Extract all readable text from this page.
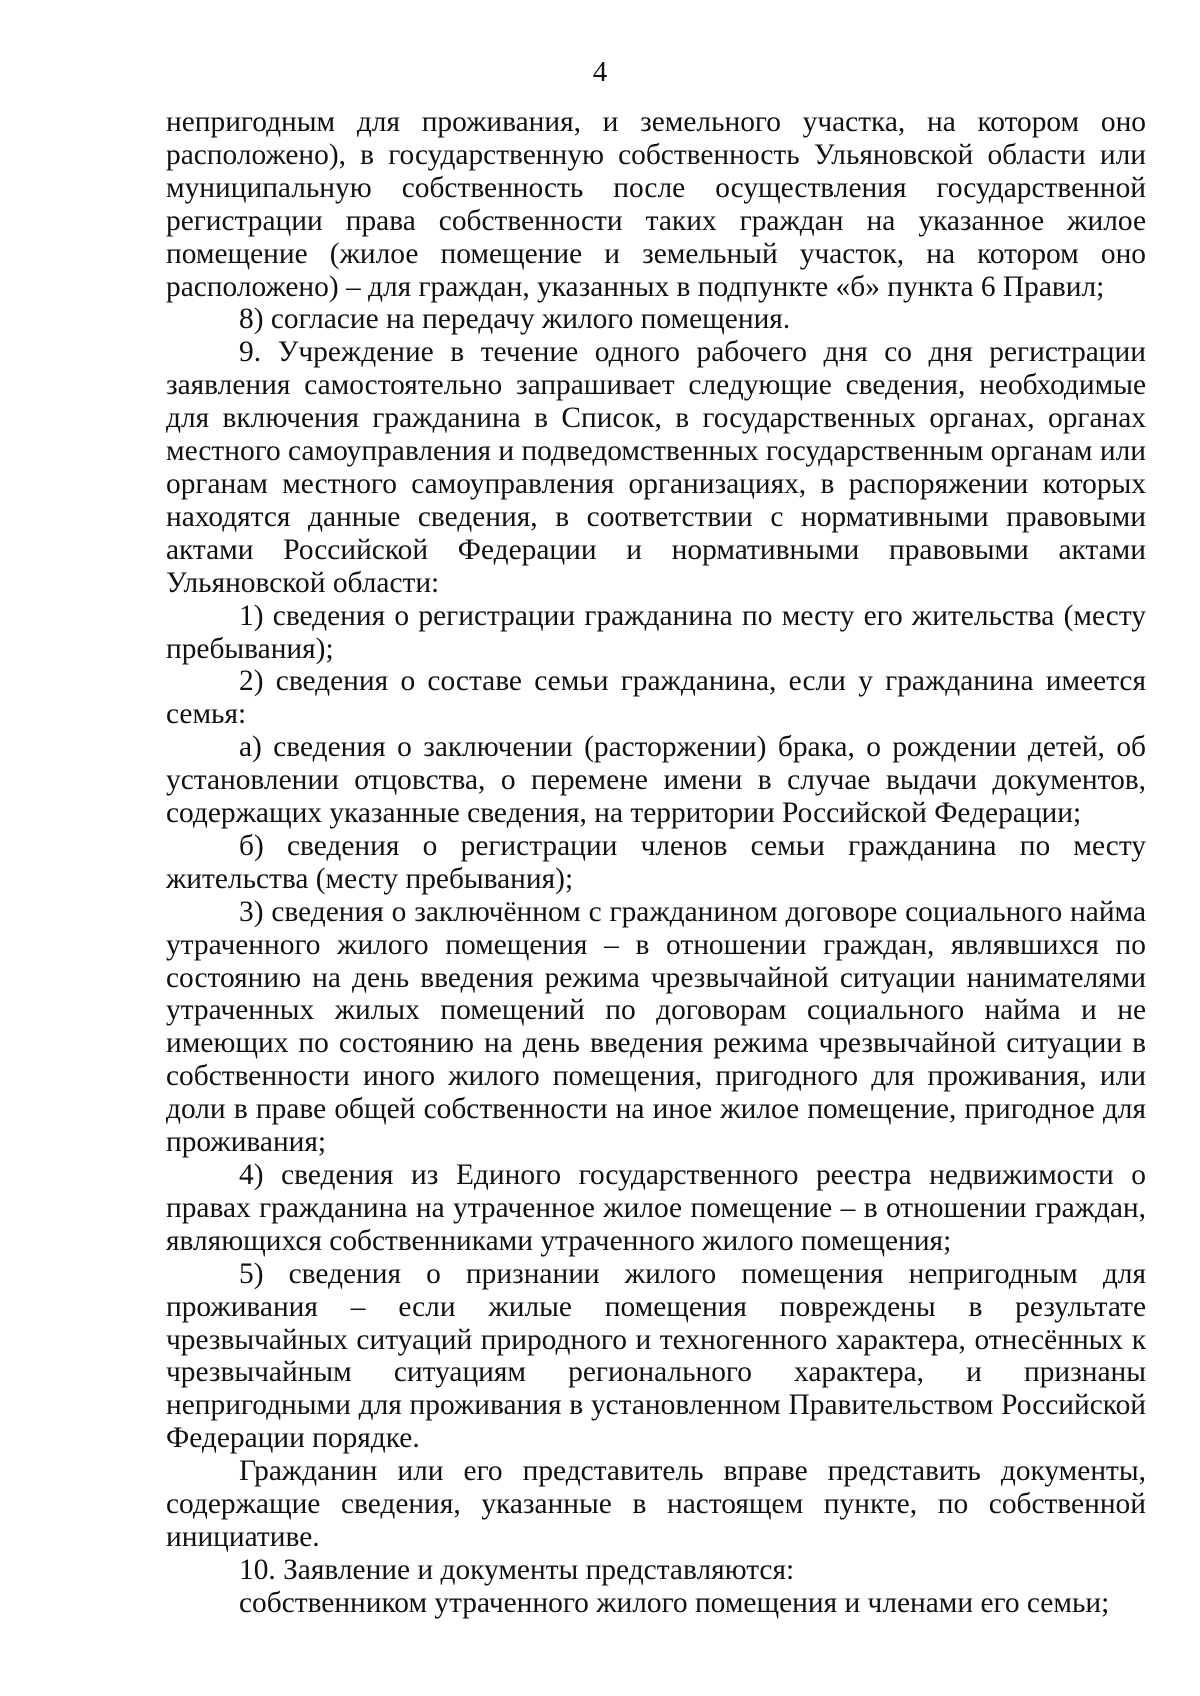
4

непригодным для проживания, и земельного участка, на котором оно расположено), в государственную собственность Ульяновской области или муниципальную собственность после осуществления государственной регистрации права собственности таких граждан на указанное жилое помещение (жилое помещение и земельный участок, на котором оно расположено) – для граждан, указанных в подпункте «б» пункта 6 Правил;

8) согласие на передачу жилого помещения.

9. Учреждение в течение одного рабочего дня со дня регистрации заявления самостоятельно запрашивает следующие сведения, необходимые для включения гражданина в Список, в государственных органах, органах местного самоуправления и подведомственных государственным органам или органам местного самоуправления организациях, в распоряжении которых находятся данные сведения, в соответствии с нормативными правовыми актами Российской Федерации и нормативными правовыми актами Ульяновской области:

1) сведения о регистрации гражданина по месту его жительства (месту пребывания);

2) сведения о составе семьи гражданина, если у гражданина имеется семья:

а) сведения о заключении (расторжении) брака, о рождении детей, об установлении отцовства, о перемене имени в случае выдачи документов, содержащих указанные сведения, на территории Российской Федерации;

б) сведения о регистрации членов семьи гражданина по месту жительства (месту пребывания);

3) сведения о заключённом с гражданином договоре социального найма утраченного жилого помещения – в отношении граждан, являвшихся по состоянию на день введения режима чрезвычайной ситуации нанимателями утраченных жилых помещений по договорам социального найма и не имеющих по состоянию на день введения режима чрезвычайной ситуации в собственности иного жилого помещения, пригодного для проживания, или доли в праве общей собственности на иное жилое помещение, пригодное для проживания;

4) сведения из Единого государственного реестра недвижимости о правах гражданина на утраченное жилое помещение – в отношении граждан, являющихся собственниками утраченного жилого помещения;

5) сведения о признании жилого помещения непригодным для проживания – если жилые помещения повреждены в результате чрезвычайных ситуаций природного и техногенного характера, отнесённых к чрезвычайным ситуациям регионального характера, и признаны непригодными для проживания в установленном Правительством Российской Федерации порядке.

Гражданин или его представитель вправе представить документы, содержащие сведения, указанные в настоящем пункте, по собственной инициативе.

10. Заявление и документы представляются:

собственником утраченного жилого помещения и членами его семьи;
